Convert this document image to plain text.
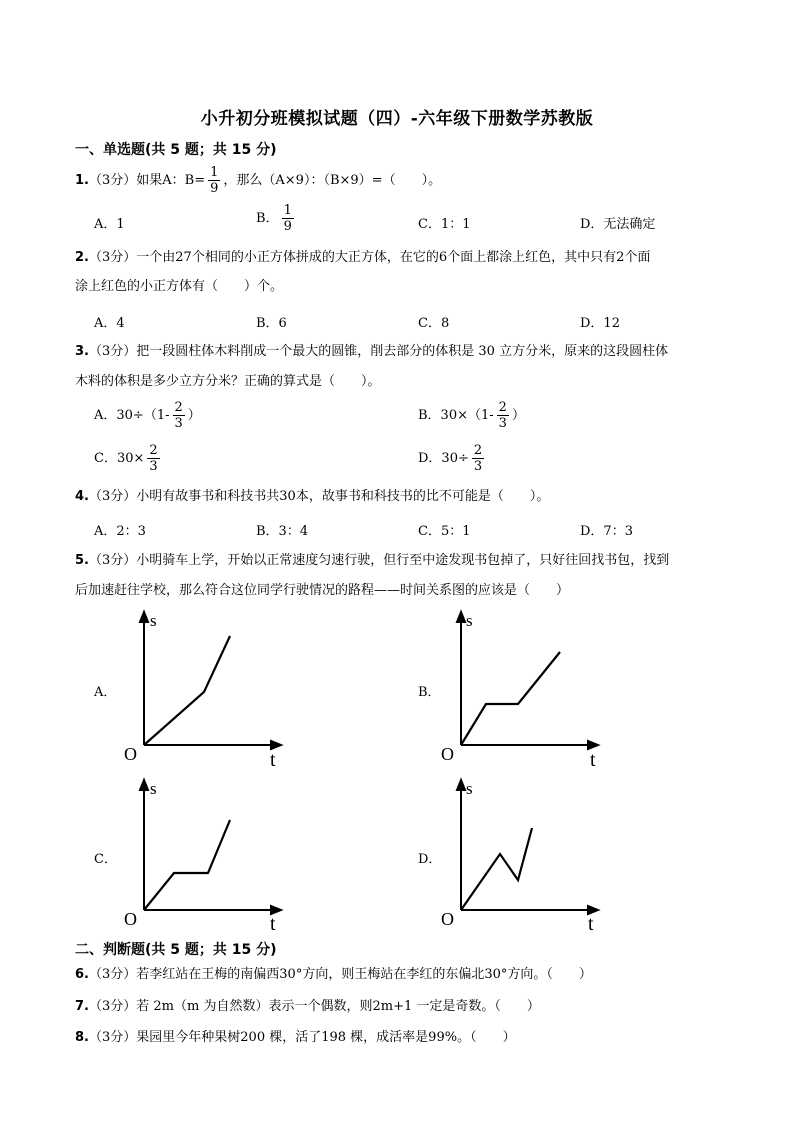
小升初分班模拟试题（四）-六年级下册数学苏教版
一、单选题(共 5 题；共 15 分)
1.（3分）如果A：$B= \frac{1}{9}$ ，那么（A×9）：（B×9）=（　　）。
A．1	B． $\frac{1}{9}$	C．1：1	D．无法确定
2.（3分）一个由27个相同的小正方体拼成的大正方体，在它的6个面上都涂上红色，其中只有2个面
涂上红色的小正方体有（　　）个。
A．4	B．6	C．8	D．12
3.（3分）把一段圆柱体木料削成一个最大的圆锥，削去部分的体积是 30 立方分米，原来的这段圆柱体
木料的体积是多少立方分米？正确的算式是（　　）。
A．$30\div(1- \frac{2}{3}$ ）	B．$30\times(1- \frac{2}{3}$ ）
C．$30\times \frac{2}{3}$	D．$30\div \frac{2}{3}$
4.（3分）小明有故事书和科技书共30本，故事书和科技书的比不可能是（　　）。
A．2：3	B．3：4	C．5：1	D．7：3
5.（3分）小明骑车上学，开始以正常速度匀速行驶，但行至中途发现书包掉了，只好往回找书包，找到
后加速赶往学校，那么符合这位同学行驶情况的路程——时间关系图的应该是（　　）
A．	B．
C．	D．
s
t
O
s
t
O
s
t
O
s
t
O
二、判断题(共 5 题；共 15 分)
6.（3分）若李红站在王梅的南偏西30°方向，则王梅站在李红的东偏北30°方向。（　　）
7.（3分）若 2m（m 为自然数）表示一个偶数，则2m+1 一定是奇数。（　　）
8.（3分）果园里今年种果树200 棵，活了198 棵，成活率是99%。（　　）
